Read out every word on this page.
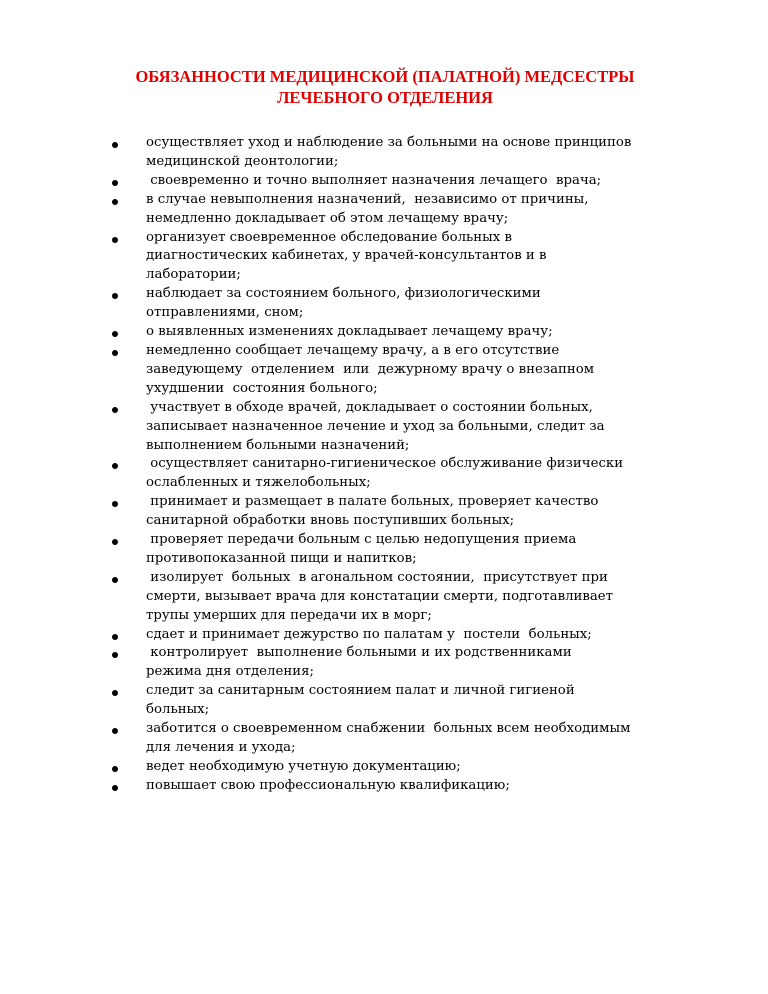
ОБЯЗАННОСТИ МЕДИЦИНСКОЙ (ПАЛАТНОЙ) МЕДСЕСТРЫ
ЛЕЧЕБНОГО ОТДЕЛЕНИЯ
осуществляет уход и наблюдение за больными на основе принципов
медицинской деонтологии;
своевременно и точно выполняет назначения лечащего  врача;
в случае невыполнения назначений,  независимо от причины,
немедленно докладывает об этом лечащему врачу;
организует своевременное обследование больных в
диагностических кабинетах, у врачей-консультантов и в
лаборатории;
наблюдает за состоянием больного, физиологическими
отправлениями, сном;
о выявленных изменениях докладывает лечащему врачу;
немедленно сообщает лечащему врачу, а в его отсутствие
заведующему  отделением  или  дежурному врачу о внезапном
ухудшении  состояния больного;
участвует в обходе врачей, докладывает о состоянии больных,
записывает назначенное лечение и уход за больными, следит за
выполнением больными назначений;
осуществляет санитарно-гигиеническое обслуживание физически
ослабленных и тяжелобольных;
принимает и размещает в палате больных, проверяет качество
санитарной обработки вновь поступивших больных;
проверяет передачи больным с целью недопущения приема
противопоказанной пищи и напитков;
изолирует  больных  в агональном состоянии,  присутствует при
смерти, вызывает врача для констатации смерти, подготавливает
трупы умерших для передачи их в морг;
сдает и принимает дежурство по палатам у  постели  больных;
контролирует  выполнение больными и их родственниками
режима дня отделения;
следит за санитарным состоянием палат и личной гигиеной
больных;
заботится о своевременном снабжении  больных всем необходимым
для лечения и ухода;
ведет необходимую учетную документацию;
повышает свою профессиональную квалификацию;
